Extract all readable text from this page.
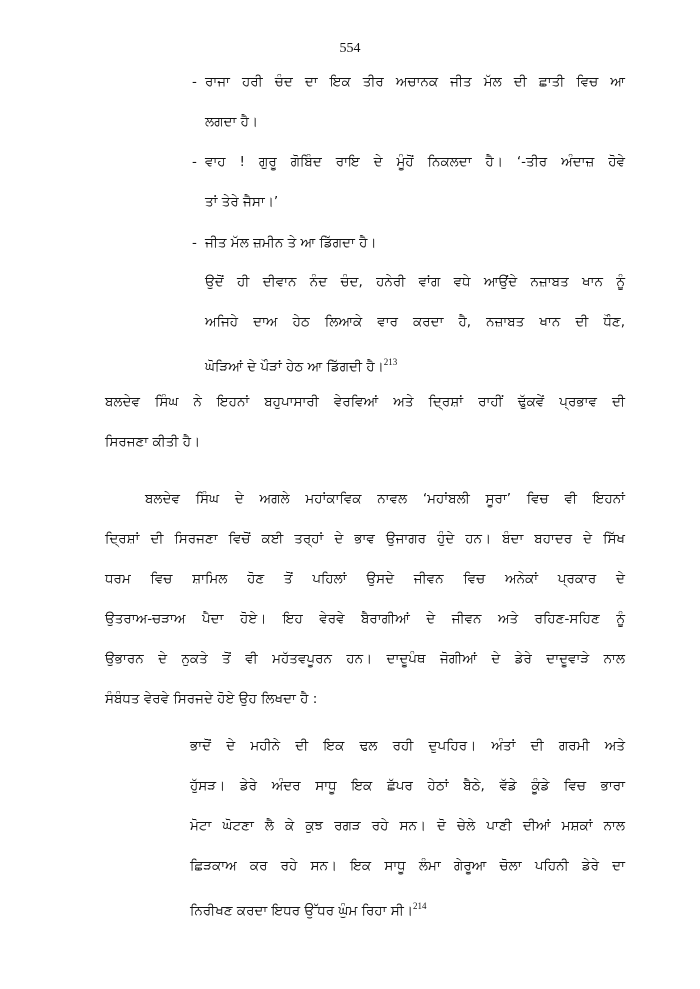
554
- ਰਾਜਾ ਹਰੀ ਚੰਦ ਦਾ ਇਕ ਤੀਰ ਅਚਾਨਕ ਜੀਤ ਮੱਲ ਦੀ ਛਾਤੀ ਵਿਚ ਆ
ਲਗਦਾ ਹੈ।
- ਵਾਹ ! ਗੁਰੂ ਗੋਬਿੰਦ ਰਾਇ ਦੇ ਮੂੰਹੋਂ ਨਿਕਲਦਾ ਹੈ। ‘-ਤੀਰ ਅੰਦਾਜ਼ ਹੋਵੇ
ਤਾਂ ਤੇਰੇ ਜੈਸਾ।’
- ਜੀਤ ਮੱਲ ਜ਼ਮੀਨ ਤੇ ਆ ਡਿੱਗਦਾ ਹੈ।
ਉਦੋਂ ਹੀ ਦੀਵਾਨ ਨੰਦ ਚੰਦ, ਹਨੇਰੀ ਵਾਂਗ ਵਧੇ ਆਉਂਦੇ ਨਜ਼ਾਬਤ ਖਾਨ ਨੂੰ
ਅਜਿਹੇ ਦਾਅ ਹੇਠ ਲਿਆਕੇ ਵਾਰ ਕਰਦਾ ਹੈ, ਨਜ਼ਾਬਤ ਖਾਨ ਦੀ ਧੌਣ,
ਘੋੜਿਆਂ ਦੇ ਪੌੜਾਂ ਹੇਠ ਆ ਡਿੱਗਦੀ ਹੈ।$^{213}$
ਬਲਦੇਵ ਸਿੰਘ ਨੇ ਇਹਨਾਂ ਬਹੁਪਾਸਾਰੀ ਵੇਰਵਿਆਂ ਅਤੇ ਦ੍ਰਿਸ਼ਾਂ ਰਾਹੀਂ ਢੁੱਕਵੇਂ ਪ੍ਰਭਾਵ ਦੀ
ਸਿਰਜਣਾ ਕੀਤੀ ਹੈ।
ਬਲਦੇਵ ਸਿੰਘ ਦੇ ਅਗਲੇ ਮਹਾਂਕਾਵਿਕ ਨਾਵਲ ‘ਮਹਾਂਬਲੀ ਸੂਰਾ’ ਵਿਚ ਵੀ ਇਹਨਾਂ
ਦ੍ਰਿਸ਼ਾਂ ਦੀ ਸਿਰਜਣਾ ਵਿਚੋਂ ਕਈ ਤਰ੍ਹਾਂ ਦੇ ਭਾਵ ਉਜਾਗਰ ਹੁੰਦੇ ਹਨ। ਬੰਦਾ ਬਹਾਦਰ ਦੇ ਸਿੱਖ
ਧਰਮ ਵਿਚ ਸ਼ਾਮਿਲ ਹੋਣ ਤੋਂ ਪਹਿਲਾਂ ਉਸਦੇ ਜੀਵਨ ਵਿਚ ਅਨੇਕਾਂ ਪ੍ਰਕਾਰ ਦੇ
ਉਤਰਾਅ-ਚੜਾਅ ਪੈਦਾ ਹੋਏ। ਇਹ ਵੇਰਵੇ ਬੈਰਾਗੀਆਂ ਦੇ ਜੀਵਨ ਅਤੇ ਰਹਿਣ-ਸਹਿਣ ਨੂੰ
ਉਭਾਰਨ ਦੇ ਨੁਕਤੇ ਤੋਂ ਵੀ ਮਹੱਤਵਪੂਰਨ ਹਨ। ਦਾਦੂਪੰਥ ਜੋਗੀਆਂ ਦੇ ਡੇਰੇ ਦਾਦੂਵਾੜੇ ਨਾਲ
ਸੰਬੰਧਤ ਵੇਰਵੇ ਸਿਰਜਦੇ ਹੋਏ ਉਹ ਲਿਖਦਾ ਹੈ :
ਭਾਦੋਂ ਦੇ ਮਹੀਨੇ ਦੀ ਇਕ ਢਲ ਰਹੀ ਦੁਪਹਿਰ। ਅੰਤਾਂ ਦੀ ਗਰਮੀ ਅਤੇ
ਹੁੱਸੜ। ਡੇਰੇ ਅੰਦਰ ਸਾਧੂ ਇਕ ਛੱਪਰ ਹੇਠਾਂ ਬੈਠੇ, ਵੱਡੇ ਕੂੰਡੇ ਵਿਚ ਭਾਰਾ
ਮੋਟਾ ਘੋਟਣਾ ਲੈ ਕੇ ਕੁਝ ਰਗੜ ਰਹੇ ਸਨ। ਦੋ ਚੇਲੇ ਪਾਣੀ ਦੀਆਂ ਮਸ਼ਕਾਂ ਨਾਲ
ਛਿੜਕਾਅ ਕਰ ਰਹੇ ਸਨ। ਇਕ ਸਾਧੂ ਲੰਮਾ ਗੇਰੂਆ ਚੋਲਾ ਪਹਿਨੀ ਡੇਰੇ ਦਾ
ਨਿਰੀਖਣ ਕਰਦਾ ਇਧਰ ਉੱਧਰ ਘੁੰਮ ਰਿਹਾ ਸੀ।$^{214}$
